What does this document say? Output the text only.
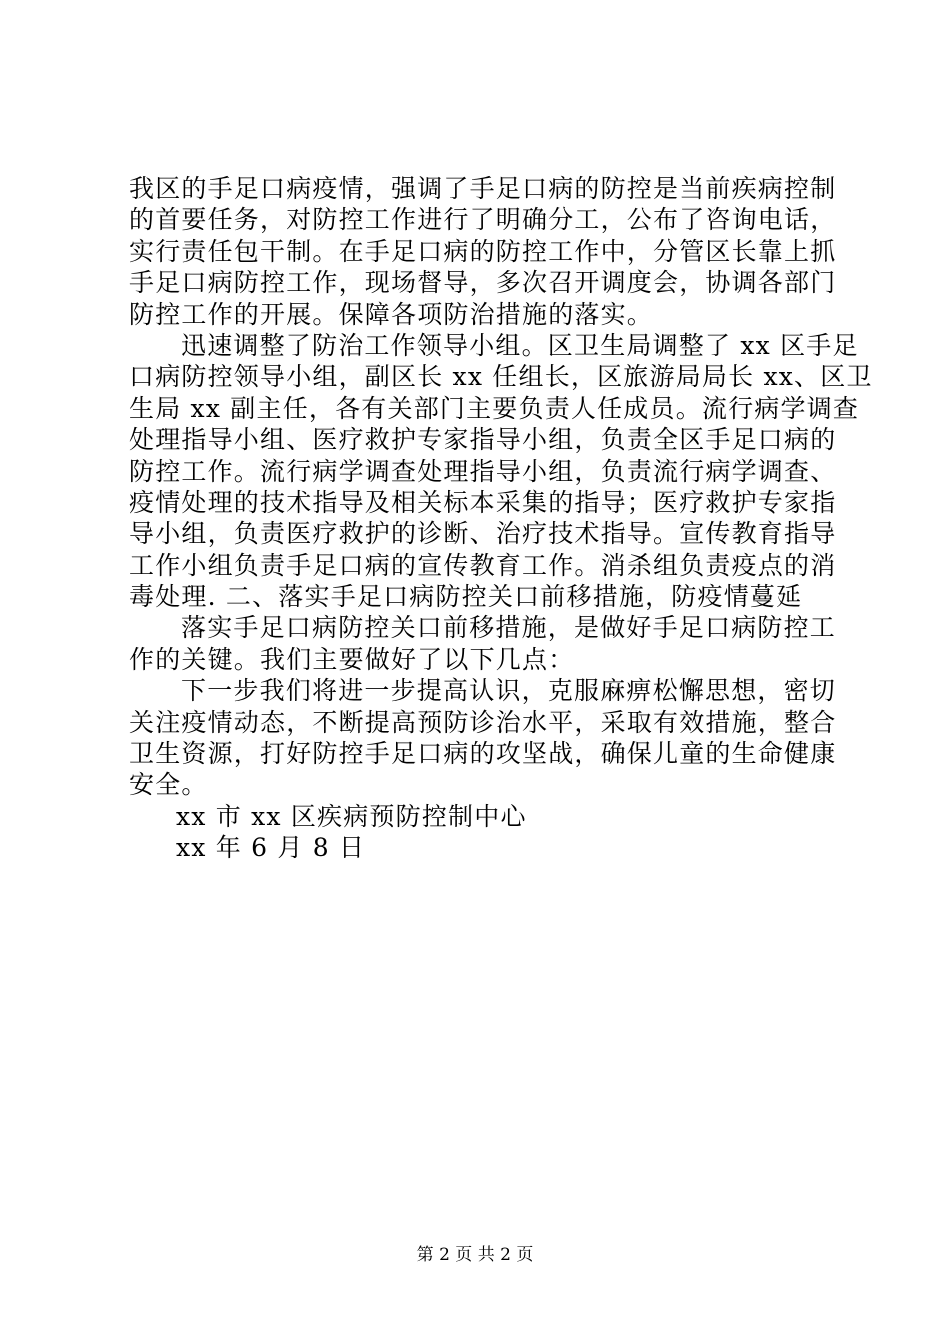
我区的手足口病疫情，强调了手足口病的防控是当前疾病控制
的首要任务，对防控工作进行了明确分工，公布了咨询电话，
实行责任包干制。在手足口病的防控工作中，分管区长靠上抓
手足口病防控工作，现场督导，多次召开调度会，协调各部门
防控工作的开展。保障各项防治措施的落实。
迅速调整了防治工作领导小组。区卫生局调整了 xx 区手足
口病防控领导小组，副区长 xx 任组长，区旅游局局长 xx、区卫
生局 xx 副主任，各有关部门主要负责人任成员。流行病学调查
处理指导小组、医疗救护专家指导小组，负责全区手足口病的
防控工作。流行病学调查处理指导小组，负责流行病学调查、
疫情处理的技术指导及相关标本采集的指导；医疗救护专家指
导小组，负责医疗救护的诊断、治疗技术指导。宣传教育指导
工作小组负责手足口病的宣传教育工作。消杀组负责疫点的消
毒处理. 二、落实手足口病防控关口前移措施，防疫情蔓延
落实手足口病防控关口前移措施，是做好手足口病防控工
作的关键。我们主要做好了以下几点：
下一步我们将进一步提高认识，克服麻痹松懈思想，密切
关注疫情动态，不断提高预防诊治水平，采取有效措施，整合
卫生资源，打好防控手足口病的攻坚战，确保儿童的生命健康
安全。
xx 市 xx 区疾病预防控制中心
xx 年 6 月 8 日
第 2 页 共 2 页
